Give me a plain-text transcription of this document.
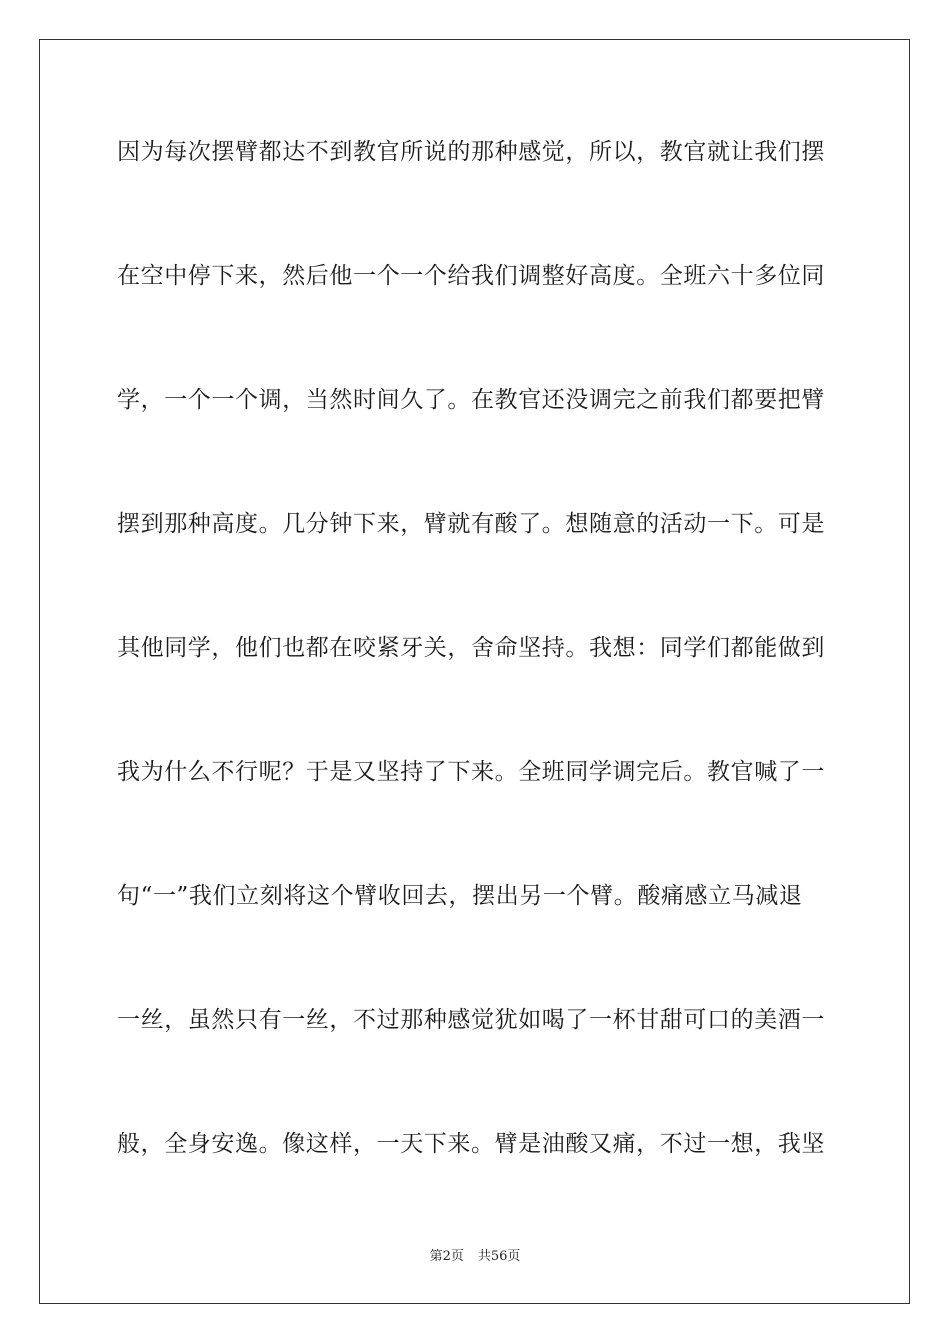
因为每次摆臂都达不到教官所说的那种感觉，所以，教官就让我们摆
在空中停下来，然后他一个一个给我们调整好高度。全班六十多位同
学，一个一个调，当然时间久了。在教官还没调完之前我们都要把臂
摆到那种高度。几分钟下来，臂就有酸了。想随意的活动一下。可是
其他同学，他们也都在咬紧牙关，舍命坚持。我想：同学们都能做到
我为什么不行呢？于是又坚持了下来。全班同学调完后。教官喊了一
句“一”我们立刻将这个臂收回去，摆出另一个臂。酸痛感立马减退
一丝，虽然只有一丝，不过那种感觉犹如喝了一杯甘甜可口的美酒一
般，全身安逸。像这样，一天下来。臂是油酸又痛，不过一想，我坚
第2页 共56页
